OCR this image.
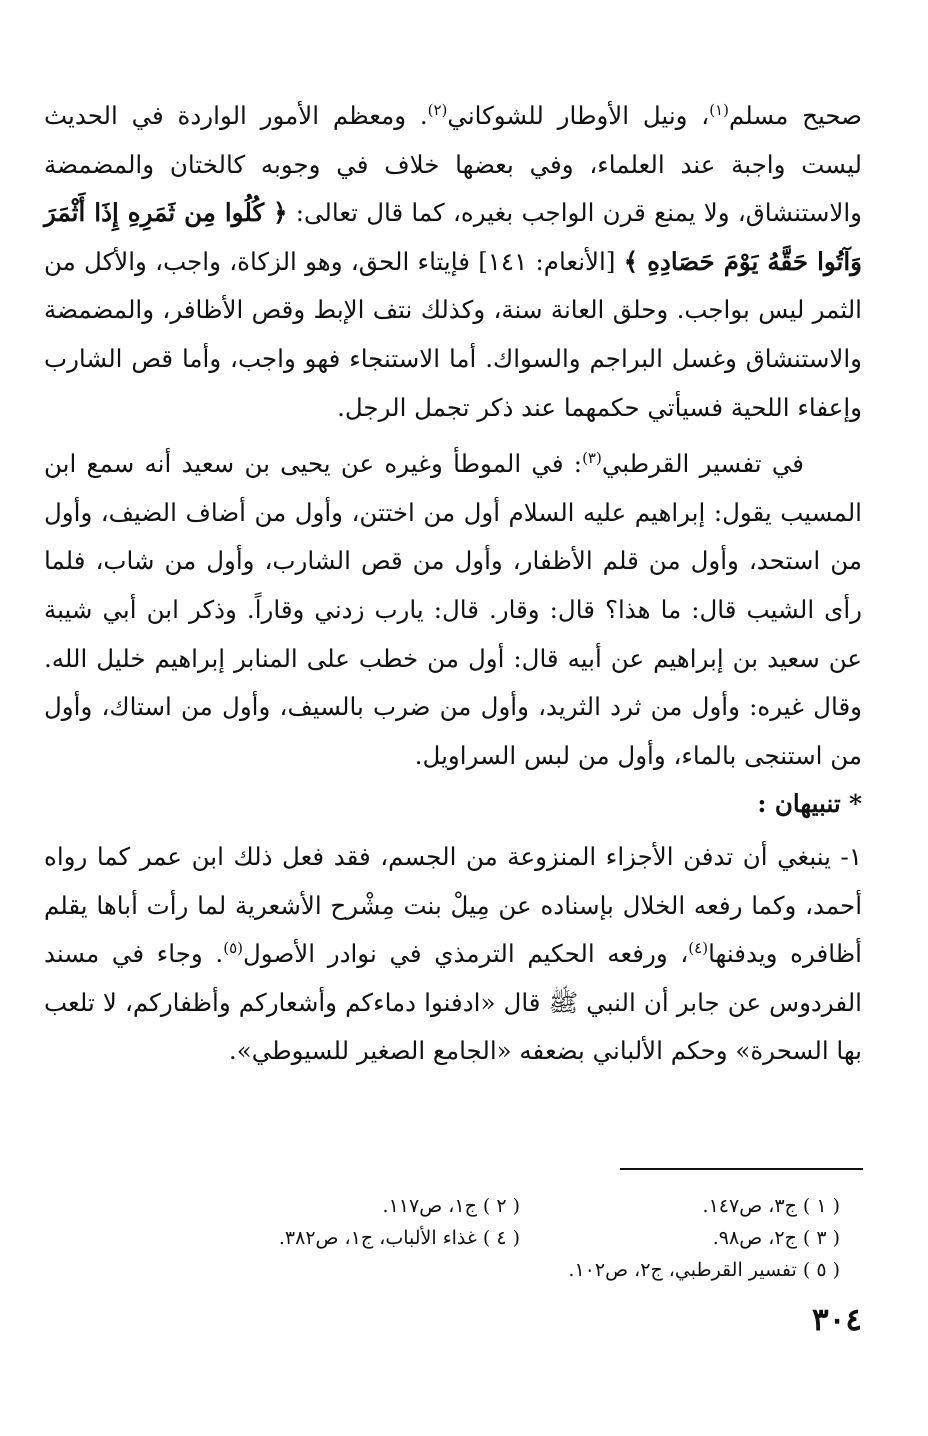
صحيح مسلم$^{(١)}$، ونيل الأوطار للشوكاني$^{(٢)}$. ومعظم الأمور الواردة في الحديث ليست واجبة عند العلماء، وفي بعضها خلاف في وجوبه كالختان والمضمضة والاستنشاق، ولا يمنع قرن الواجب بغيره، كما قال تعالى: ﴿ كُلُوا مِن ثَمَرِهِ إِذَا أَثْمَرَ وَآتُوا حَقَّهُ يَوْمَ حَصَادِهِ ﴾ [الأنعام: ١٤١] فإيتاء الحق، وهو الزكاة، واجب، والأكل من الثمر ليس بواجب. وحلق العانة سنة، وكذلك نتف الإبط وقص الأظافر، والمضمضة والاستنشاق وغسل البراجم والسواك. أما الاستنجاء فهو واجب، وأما قص الشارب وإعفاء اللحية فسيأتي حكمهما عند ذكر تجمل الرجل.

في تفسير القرطبي$^{(٣)}$: في الموطأ وغيره عن يحيى بن سعيد أنه سمع ابن المسيب يقول: إبراهيم عليه السلام أول من اختتن، وأول من أضاف الضيف، وأول من استحد، وأول من قلم الأظفار، وأول من قص الشارب، وأول من شاب، فلما رأى الشيب قال: ما هذا؟ قال: وقار. قال: يارب زدني وقاراً. وذكر ابن أبي شيبة عن سعيد بن إبراهيم عن أبيه قال: أول من خطب على المنابر إبراهيم خليل الله. وقال غيره: وأول من ثرد الثريد، وأول من ضرب بالسيف، وأول من استاك، وأول من استنجى بالماء، وأول من لبس السراويل.

* تنبيهان :

١- ينبغي أن تدفن الأجزاء المنزوعة من الجسم، فقد فعل ذلك ابن عمر كما رواه أحمد، وكما رفعه الخلال بإسناده عن مِيلْ بنت مِشْرح الأشعرية لما رأت أباها يقلم أظافره ويدفنها$^{(٤)}$، ورفعه الحكيم الترمذي في نوادر الأصول$^{(٥)}$. وجاء في مسند الفردوس عن جابر أن النبي ﷺ قال «ادفنوا دماءكم وأشعاركم وأظفاركم، لا تلعب بها السحرة» وحكم الألباني بضعفه «الجامع الصغير للسيوطي».

( ١ ) ج٣، ص١٤٧.
( ٢ ) ج١، ص١١٧.
( ٣ ) ج٢، ص٩٨.
( ٤ ) غذاء الألباب، ج١، ص٣٨٢.
( ٥ ) تفسير القرطبي، ج٢، ص١٠٢.
٣٠٤
